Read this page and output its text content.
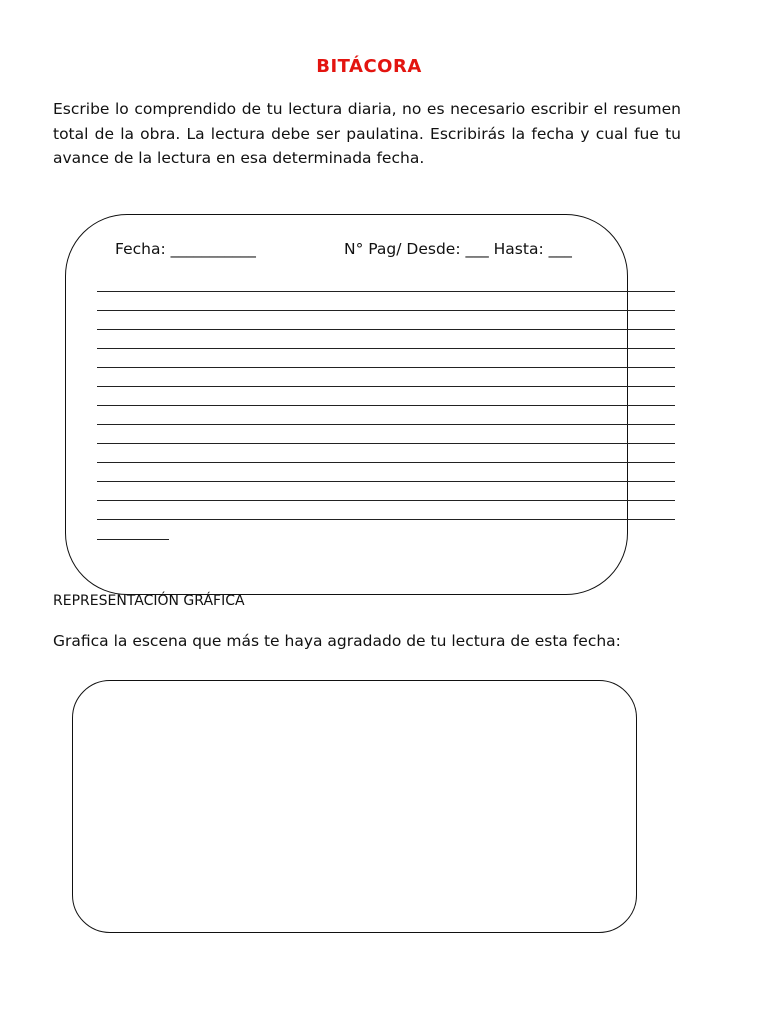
BITÁCORA

Escribe lo comprendido de tu lectura diaria, no es necesario escribir el resumen total de la obra. La lectura debe ser paulatina. Escribirás la fecha y cual fue tu avance de la lectura en esa determinada fecha.

Fecha: ___________	N° Pag/ Desde: ___ Hasta: ___

REPRESENTACIÓN GRÁFICA

Grafica la escena que más te haya agradado de tu lectura de esta fecha:
